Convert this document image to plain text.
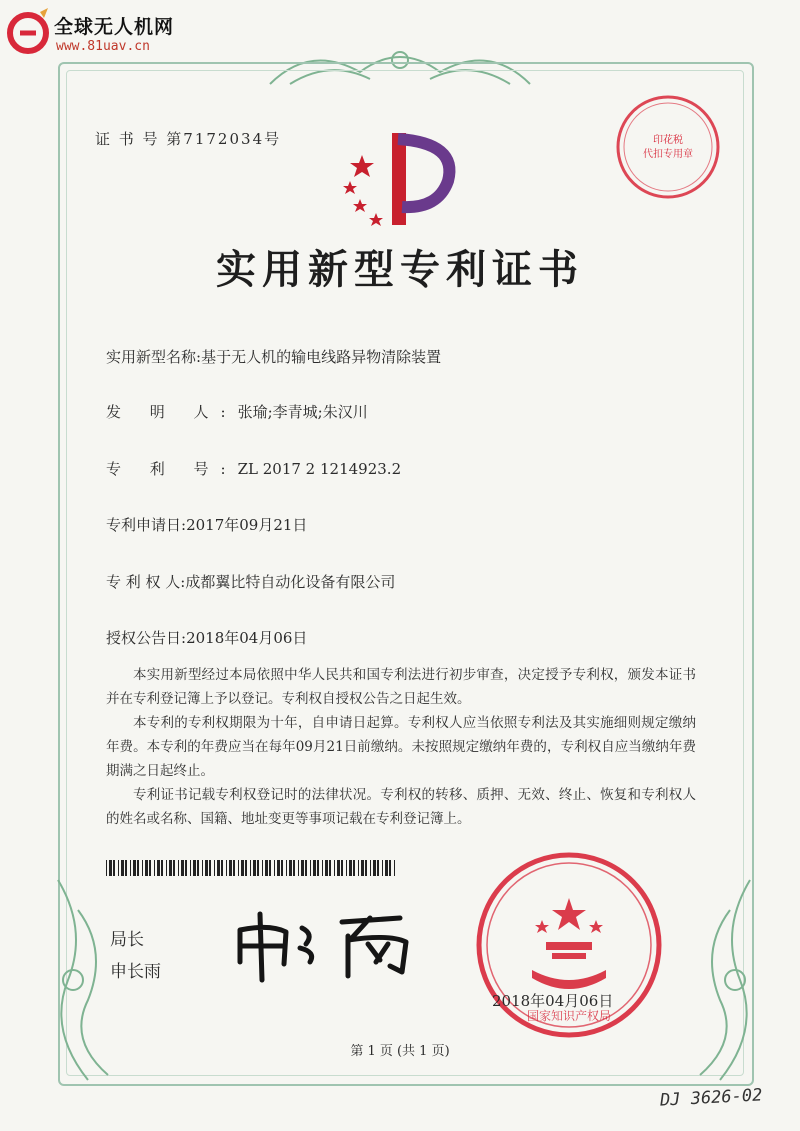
全球无人机网
www.81uav.cn
证 书 号 第7172034号
实用新型专利证书
印花税
代扣专用章
实用新型名称:基于无人机的输电线路异物清除装置
发 明 人:张瑜;李青城;朱汉川
专 利 号:ZL 2017 2 1214923.2
专利申请日:2017年09月21日
专 利 权 人:成都翼比特自动化设备有限公司
授权公告日:2018年04月06日

本实用新型经过本局依照中华人民共和国专利法进行初步审查，决定授予专利权，颁发本证书并在专利登记簿上予以登记。专利权自授权公告之日起生效。

本专利的专利权期限为十年，自申请日起算。专利权人应当依照专利法及其实施细则规定缴纳年费。本专利的年费应当在每年09月21日前缴纳。未按照规定缴纳年费的，专利权自应当缴纳年费期满之日起终止。

专利证书记载专利权登记时的法律状况。专利权的转移、质押、无效、终止、恢复和专利权人的姓名或名称、国籍、地址变更等事项记载在专利登记簿上。

局长
申长雨
国家知识产权局
2018年04月06日
第 1 页 (共 1 页)
DJ 3626-02
